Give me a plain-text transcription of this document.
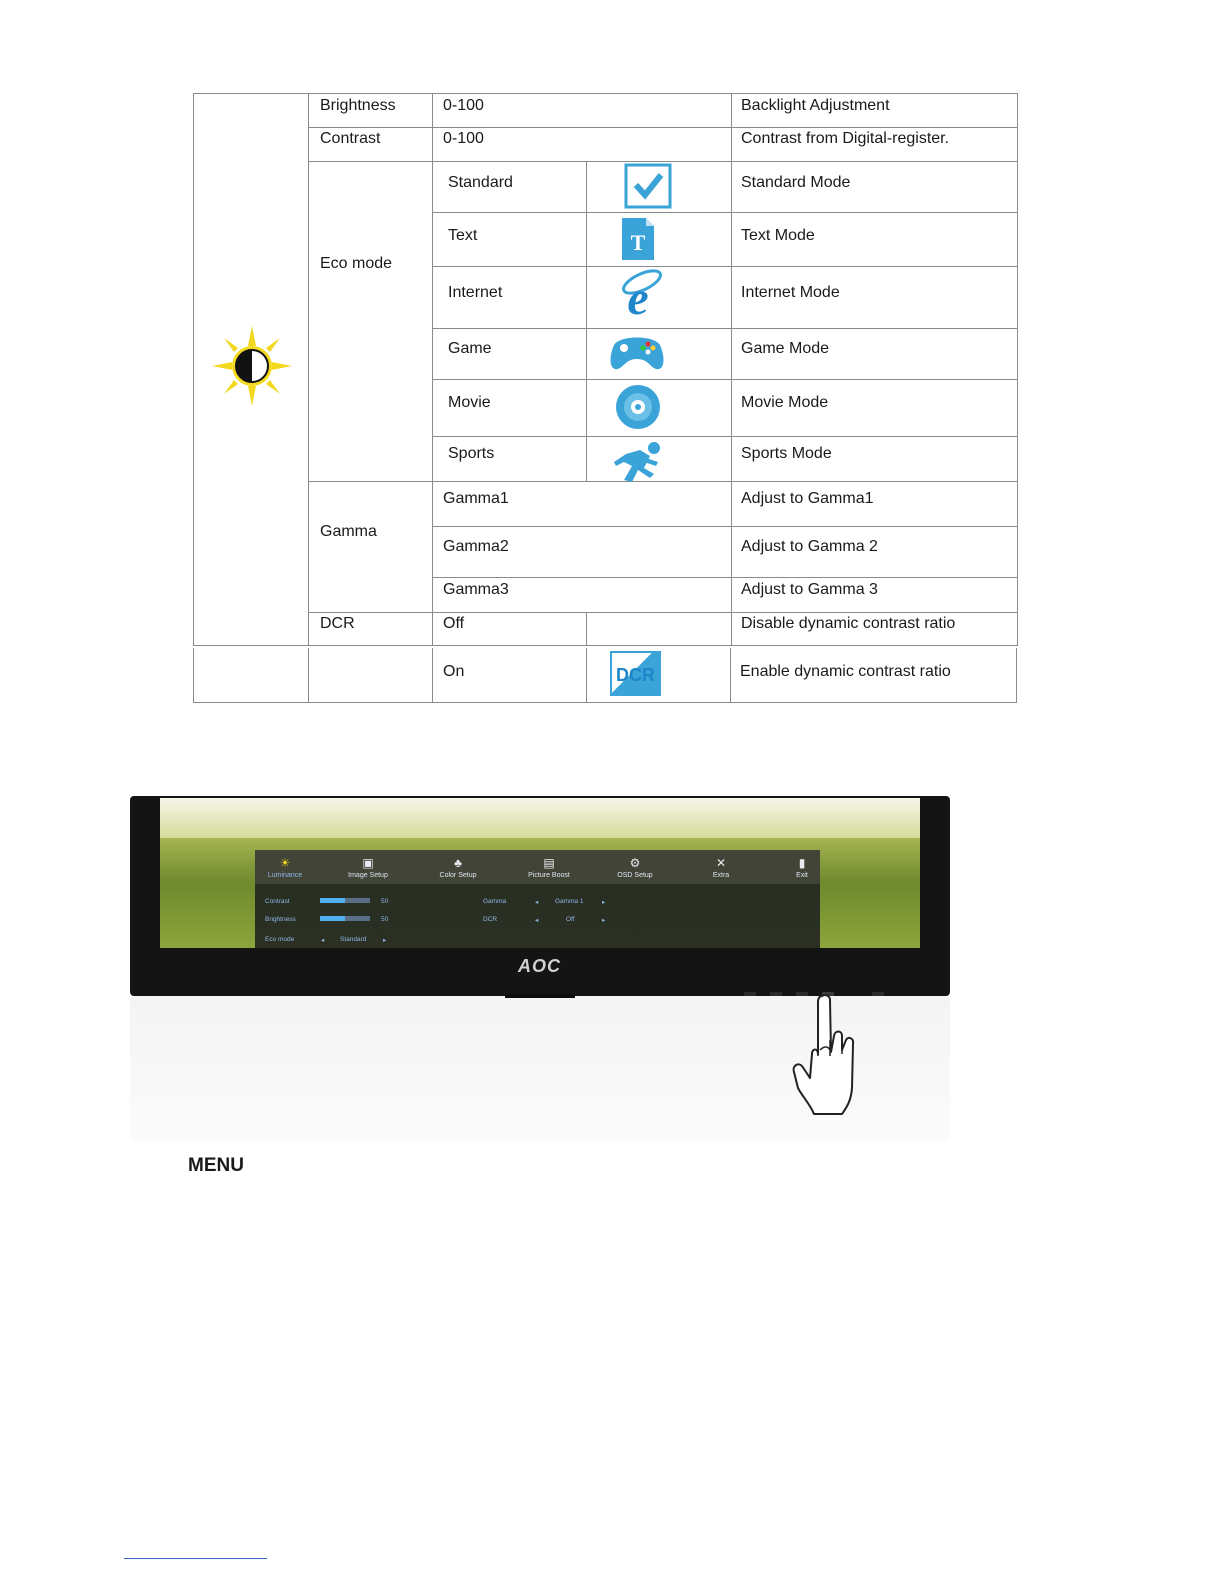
Brightness	0-100	Backlight Adjustment
Contrast	0-100	Contrast from Digital-register.
Eco mode
Standard	Standard Mode
Text	Text Mode
T
Internet	Internet Mode
e
Game	Game Mode
Movie	Movie Mode
Sports	Sports Mode
Gamma
Gamma1	Adjust to Gamma1
Gamma2	Adjust to Gamma 2
Gamma3	Adjust to Gamma 3
DCR	Off	Disable dynamic contrast ratio
On	Enable dynamic contrast ratio
DCR
☀
Luminance
▣
Image Setup
♣
Color Setup
▤
Picture Boost
⚙
OSD Setup
✕
Extra
▮
Exit
Contrast	50
Brightness	50
Eco mode	◂ Standard	▸
Gamma	◂	Gamma 1	▸
DCR	◂	Off	▸
AOC
MENU
